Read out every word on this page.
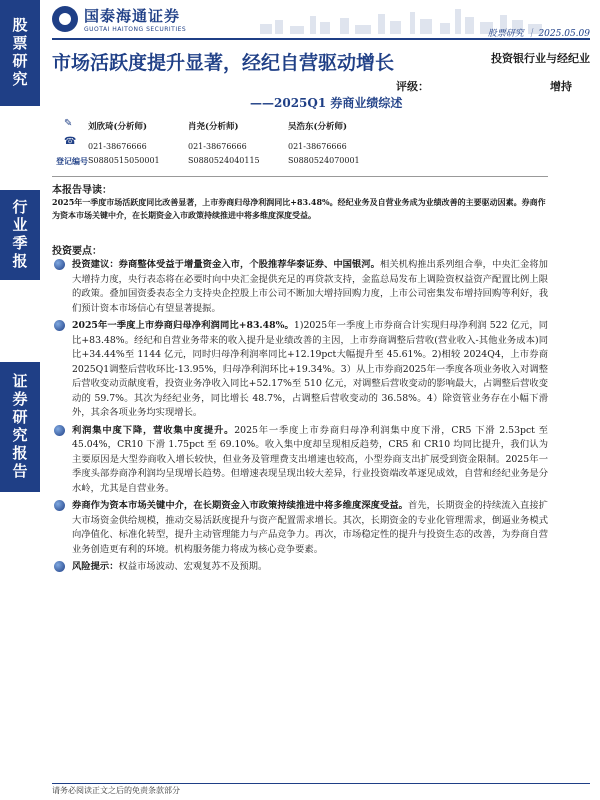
股票研究
行业季报
证券研究报告
国泰海通证券
GUOTAI HAITONG SECURITIES	股票研究 ｜ 2025.05.09
市场活跃度提升显著，经纪自营驱动增长
——2025Q1 券商业绩综述
投资银行业与经纪业
评级：	增持
✎
☎
刘欣琦(分析师)
021-38676666
肖尧(分析师)
021-38676666
吴浩东(分析师)
021-38676666
登记编号 S0880515050001	S0880524040115	S0880524070001
本报告导读：
2025年一季度市场活跃度同比改善显著，上市券商归母净利润同比+83.48%。经纪业务及自营业务成为业绩改善的主要驱动因素。券商作为资本市场关键中介，在长期资金入市政策持续推进中将多维度深度受益。
投资要点：
投资建议：券商整体受益于增量资金入市，个股推荐华泰证券、中国银河。相关机构推出系列组合拳，中央汇金将加大增持力度，央行表态将在必要时向中央汇金提供充足的再贷款支持，金监总局发布上调险资权益资产配置比例上限的政策。叠加国资委表态全力支持央企控股上市公司不断加大增持回购力度，上市公司密集发布增持回购等利好，我们预计资本市场信心有望显著提振。
2025年一季度上市券商归母净利润同比+83.48%。1)2025年一季度上市券商合计实现归母净利润 522 亿元，同比+83.48%。经纪和自营业务带来的收入提升是业绩改善的主因，上市券商调整后营收(营业收入-其他业务成本)同比+34.44%至 1144 亿元，同时归母净利润率同比+12.19pct大幅提升至 45.61%。2)相较 2024Q4，上市券商 2025Q1调整后营收环比-13.95%，归母净利润环比+19.34%。3）从上市券商2025年一季度各项业务收入对调整后营收变动贡献度看，投资业务净收入同比+52.17%至 510 亿元，对调整后营收变动的影响最大，占调整后营收变动的 59.7%。其次为经纪业务，同比增长 48.7%，占调整后营收变动的 36.58%。4）除资管业务存在小幅下滑外，其余各项业务均实现增长。
利润集中度下降，营收集中度提升。2025年一季度上市券商归母净利润集中度下滑，CR5 下滑 2.53pct 至 45.04%，CR10 下滑 1.75pct 至 69.10%。收入集中度却呈现相反趋势，CR5 和 CR10 均同比提升，我们认为主要原因是大型券商收入增长较快，但业务及管理费支出增速也较高，小型券商支出扩展受到资金限制。2025年一季度头部券商净利润均呈现增长趋势。但增速表现呈现出较大差异，行业投资端改革逐见成效，自营和经纪业务是分水岭，尤其是自营业务。
券商作为资本市场关键中介，在长期资金入市政策持续推进中将多维度深度受益。首先，长期资金的持续流入直接扩大市场资金供给规模，推动交易活跃度提升与资产配置需求增长。其次，长期资金的专业化管理需求，倒逼业务模式向净值化、标准化转型，提升主动管理能力与产品竞争力。再次，市场稳定性的提升与投资生态的改善，为券商自营业务创造更有利的环境。机构服务能力将成为核心竞争要素。
风险提示：权益市场波动、宏观复苏不及预期。
请务必阅读正文之后的免责条款部分
